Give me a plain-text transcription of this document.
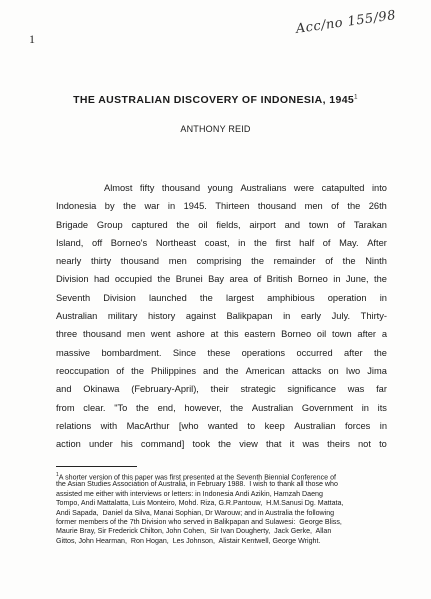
1
Acc/no 155/98
THE AUSTRALIAN DISCOVERY OF INDONESIA, 1945$^1$
ANTHONY REID
Almost fifty thousand young Australians were catapulted into
Indonesia by the war in 1945. Thirteen thousand men of the 26th
Brigade Group captured the oil fields, airport and town of Tarakan
Island, off Borneo's Northeast coast, in the first half of May. After
nearly thirty thousand men comprising the remainder of the Ninth
Division had occupied the Brunei Bay area of British Borneo in June, the
Seventh Division launched the largest amphibious operation in
Australian military history against Balikpapan in early July. Thirty-
three thousand men went ashore at this eastern Borneo oil town after a
massive bombardment. Since these operations occurred after the
reoccupation of the Philippines and the American attacks on Iwo Jima
and Okinawa (February-April), their strategic significance was far
from clear. "To the end, however, the Australian Government in its
relations with MacArthur [who wanted to keep Australian forces in
action under his command] took the view that it was theirs not to
$^1$A shorter version of this paper was first presented at the Seventh Biennial Conference of
the Asian Studies Association of Australia, in February 1988.  I wish to thank all those who
assisted me either with interviews or letters: in Indonesia Andi Azikin, Hamzah Daeng
Tompo, Andi Mattalatta, Luis Monteiro, Mohd. Riza, G.R.Pantouw,  H.M.Sanusi Dg. Mattata,
Andi Sapada,  Daniel da Silva, Manai Sophian, Dr Warouw; and in Australia the following
former members of the 7th Division who served in Balikpapan and Sulawesi:  George Bliss,
Maurie Bray, Sir Frederick Chilton, John Cohen,  Sir Ivan Dougherty,  Jack Gerke,  Allan
Gittos, John Hearman,  Ron Hogan,  Les Johnson,  Alistair Kentwell, George Wright.
